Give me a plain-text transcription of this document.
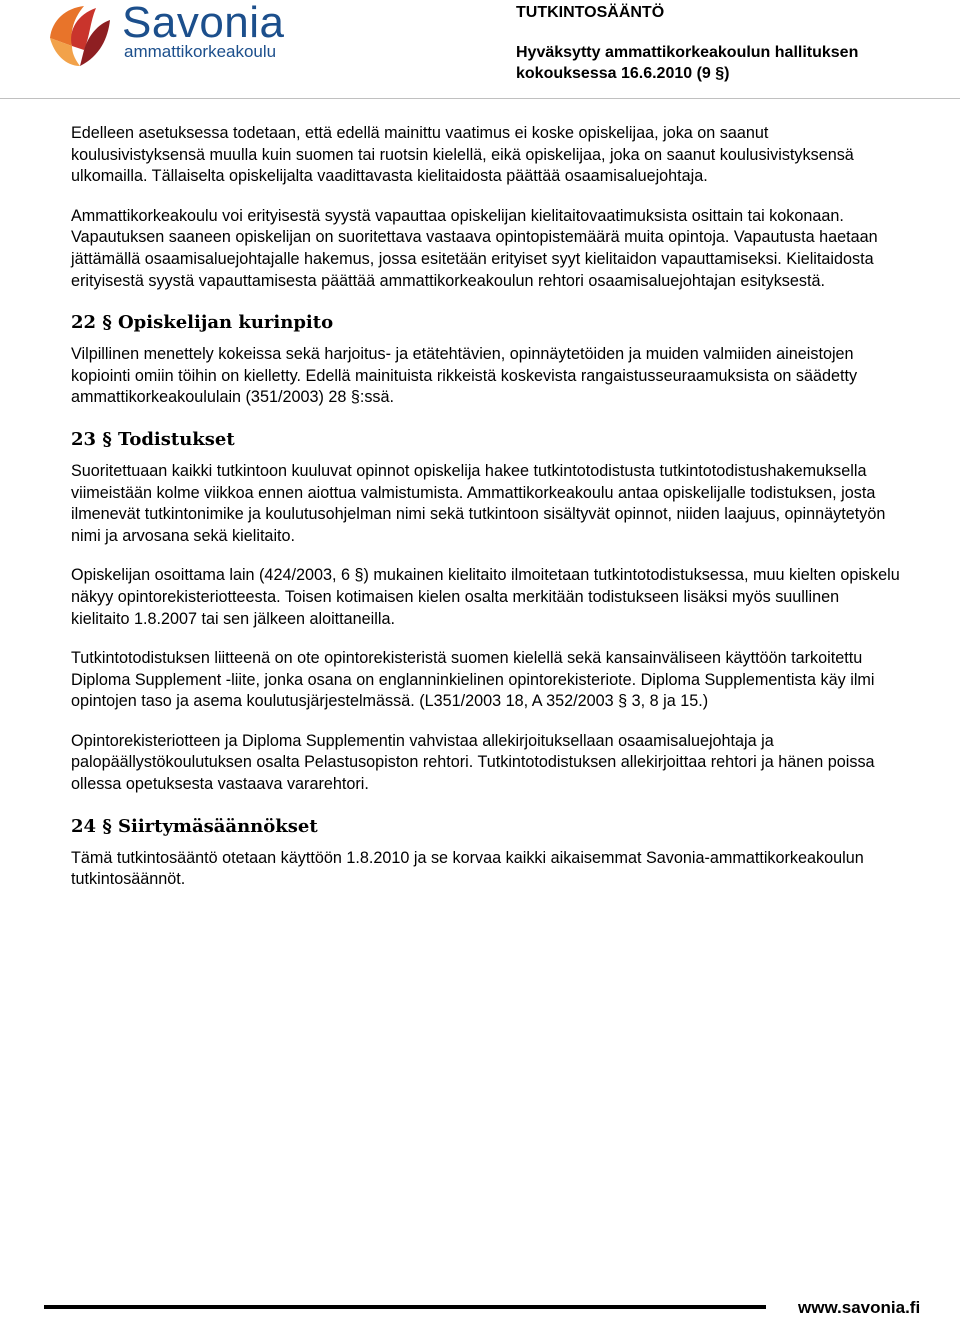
Savonia
ammattikorkeakoulu
TUTKINTOSÄÄNTÖ
Hyväksytty ammattikorkeakoulun hallituksen
kokouksessa 16.6.2010 (9 §)

Edelleen asetuksessa todetaan, että edellä mainittu vaatimus ei koske opiskelijaa, joka on saanut koulusivistyksensä muulla kuin suomen tai ruotsin kielellä, eikä opiskelijaa, joka on saanut koulusivistyksensä ulkomailla. Tällaiselta opiskelijalta vaadittavasta kielitaidosta päättää osaamisaluejohtaja.

Ammattikorkeakoulu voi erityisestä syystä vapauttaa opiskelijan kielitaitovaatimuksista osittain tai kokonaan. Vapautuksen saaneen opiskelijan on suoritettava vastaava opintopistemäärä muita opintoja. Vapautusta haetaan jättämällä osaamisaluejohtajalle hakemus, jossa esitetään erityiset syyt kielitaidon vapauttamiseksi. Kielitaidosta erityisestä syystä vapauttamisesta päättää ammattikorkeakoulun rehtori osaamisaluejohtajan esityksestä.

22 § Opiskelijan kurinpito

Vilpillinen menettely kokeissa sekä harjoitus- ja etätehtävien, opinnäytetöiden ja muiden valmiiden aineistojen kopiointi omiin töihin on kielletty. Edellä mainituista rikkeistä koskevista rangaistusseuraamuksista on säädetty ammattikorkeakoululain (351/2003) 28 §:ssä.

23 § Todistukset

Suoritettuaan kaikki tutkintoon kuuluvat opinnot opiskelija hakee tutkintotodistusta tutkintotodistushakemuksella viimeistään kolme viikkoa ennen aiottua valmistumista. Ammattikorkeakoulu antaa opiskelijalle todistuksen, josta ilmenevät tutkintonimike ja koulutusohjelman nimi sekä tutkintoon sisältyvät opinnot, niiden laajuus, opinnäytetyön nimi ja arvosana sekä kielitaito.

Opiskelijan osoittama lain (424/2003, 6 §) mukainen kielitaito ilmoitetaan tutkintotodistuksessa, muu kielten opiskelu näkyy opintorekisteriotteesta. Toisen kotimaisen kielen osalta merkitään todistukseen lisäksi myös suullinen kielitaito 1.8.2007 tai sen jälkeen aloittaneilla.

Tutkintotodistuksen liitteenä on ote opintorekisteristä suomen kielellä sekä kansainväliseen käyttöön tarkoitettu Diploma Supplement -liite, jonka osana on englanninkielinen opintorekisteriote. Diploma Supplementista käy ilmi opintojen taso ja asema koulutusjärjestelmässä. (L351/2003 18, A 352/2003 § 3, 8 ja 15.)

Opintorekisteriotteen ja Diploma Supplementin vahvistaa allekirjoituksellaan osaamisaluejohtaja ja palopäällystökoulutuksen osalta Pelastusopiston rehtori. Tutkintotodistuksen allekirjoittaa rehtori ja hänen poissa ollessa opetuksesta vastaava vararehtori.

24 § Siirtymäsäännökset

Tämä tutkintosääntö otetaan käyttöön 1.8.2010 ja se korvaa kaikki aikaisemmat Savonia-ammattikorkeakoulun tutkintosäännöt.

www.savonia.fi
